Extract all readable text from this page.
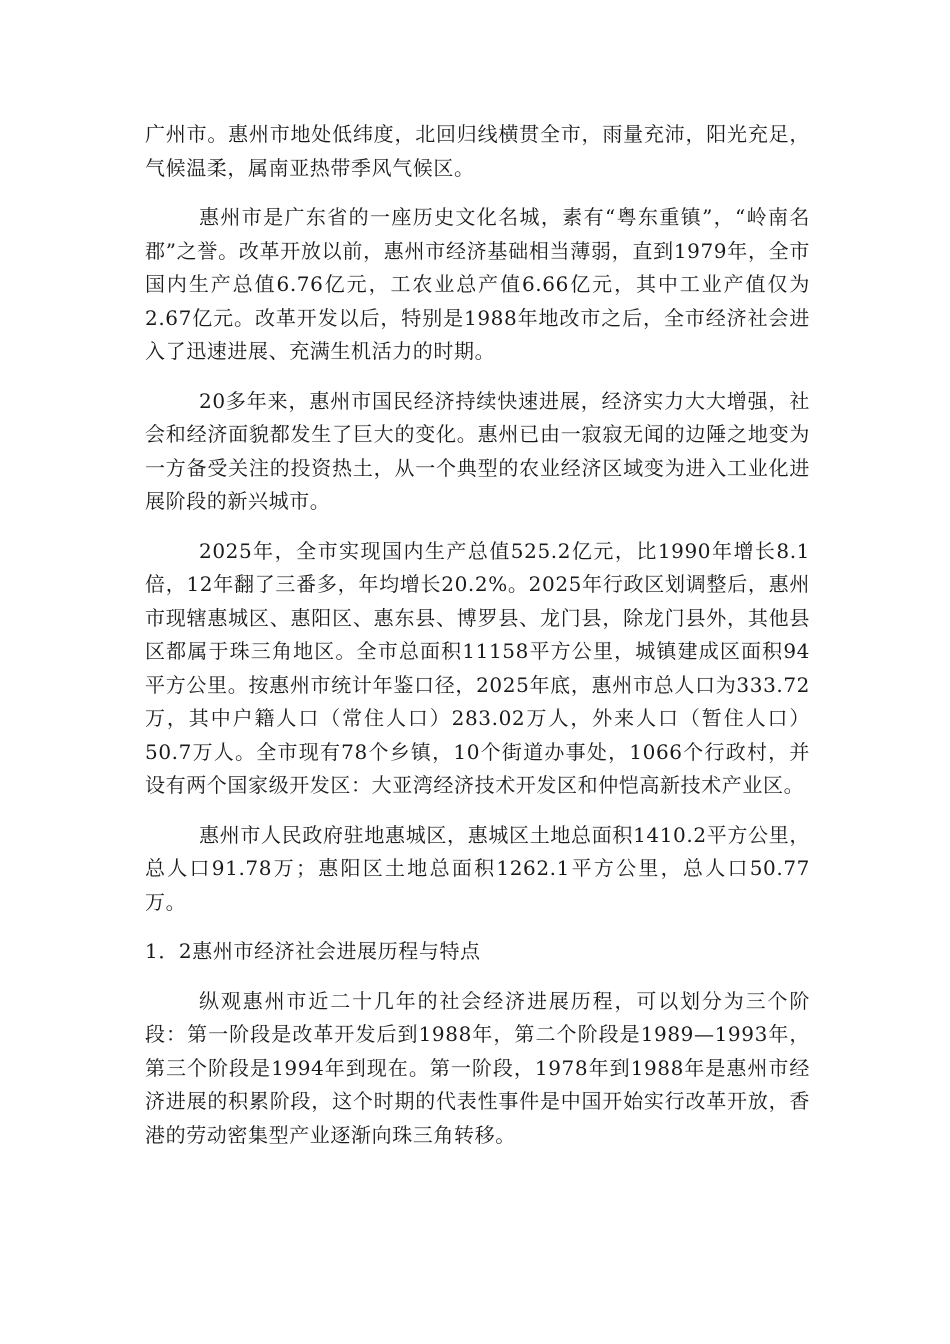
广州市。惠州市地处低纬度，北回归线横贯全市，雨量充沛，阳光充足，气候温柔，属南亚热带季风气候区。

惠州市是广东省的一座历史文化名城，素有“粤东重镇”，“岭南名郡”之誉。改革开放以前，惠州市经济基础相当薄弱，直到1979年，全市国内生产总值6.76亿元，工农业总产值6.66亿元，其中工业产值仅为2.67亿元。改革开发以后，特别是1988年地改市之后，全市经济社会进入了迅速进展、充满生机活力的时期。

20多年来，惠州市国民经济持续快速进展，经济实力大大增强，社会和经济面貌都发生了巨大的变化。惠州已由一寂寂无闻的边陲之地变为一方备受关注的投资热土，从一个典型的农业经济区域变为进入工业化进展阶段的新兴城市。

2025年，全市实现国内生产总值525.2亿元，比1990年增长8.1倍，12年翻了三番多，年均增长20.2%。2025年行政区划调整后，惠州市现辖惠城区、惠阳区、惠东县、博罗县、龙门县，除龙门县外，其他县区都属于珠三角地区。全市总面积11158平方公里，城镇建成区面积94平方公里。按惠州市统计年鉴口径，2025年底，惠州市总人口为333.72万，其中户籍人口（常住人口）283.02万人，外来人口（暂住人口）50.7万人。全市现有78个乡镇，10个街道办事处，1066个行政村，并设有两个国家级开发区：大亚湾经济技术开发区和仲恺高新技术产业区。

惠州市人民政府驻地惠城区，惠城区土地总面积1410.2平方公里，总人口91.78万；惠阳区土地总面积1262.1平方公里，总人口50.77万。

1．2惠州市经济社会进展历程与特点

纵观惠州市近二十几年的社会经济进展历程，可以划分为三个阶段：第一阶段是改革开发后到1988年，第二个阶段是1989—1993年，第三个阶段是1994年到现在。第一阶段，1978年到1988年是惠州市经济进展的积累阶段，这个时期的代表性事件是中国开始实行改革开放，香港的劳动密集型产业逐渐向珠三角转移。
